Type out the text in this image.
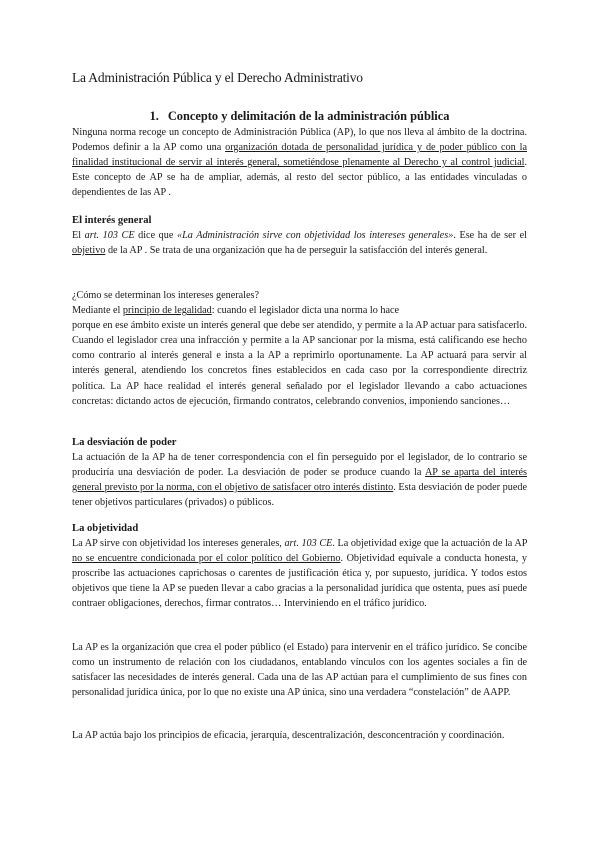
La Administración Pública y el Derecho Administrativo
1. Concepto y delimitación de la administración pública

Ninguna norma recoge un concepto de Administración Pública (AP), lo que nos lleva al ámbito de la doctrina. Podemos definir a la AP como una organización dotada de personalidad jurídica y de poder público con la finalidad institucional de servir al interés general, sometiéndose plenamente al Derecho y al control judicial. Este concepto de AP se ha de ampliar, además, al resto del sector público, a las entidades vinculadas o dependientes de las AP .

El interés general

El art. 103 CE dice que «La Administración sirve con objetividad los intereses generales». Ese ha de ser el objetivo de la AP . Se trata de una organización que ha de perseguir la satisfacción del interés general.

¿Cómo se determinan los intereses generales?

Mediante el principio de legalidad: cuando el legislador dicta una norma lo hace

porque en ese ámbito existe un interés general que debe ser atendido, y permite a la AP actuar para satisfacerlo. Cuando el legislador crea una infracción y permite a la AP sancionar por la misma, está calificando ese hecho como contrario al interés general e insta a la AP a reprimirlo oportunamente. La AP actuará para servir al interés general, atendiendo los concretos fines establecidos en cada caso por la correspondiente directriz política. La AP hace realidad el interés general señalado por el legislador llevando a cabo actuaciones concretas: dictando actos de ejecución, firmando contratos, celebrando convenios, imponiendo sanciones…

La desviación de poder

La actuación de la AP ha de tener correspondencia con el fin perseguido por el legislador, de lo contrario se produciría una desviación de poder. La desviación de poder se produce cuando la AP se aparta del interés general previsto por la norma, con el objetivo de satisfacer otro interés distinto. Esta desviación de poder puede tener objetivos particulares (privados) o públicos.

La objetividad

La AP sirve con objetividad los intereses generales, art. 103 CE. La objetividad exige que la actuación de la AP no se encuentre condicionada por el color político del Gobierno. Objetividad equivale a conducta honesta, y proscribe las actuaciones caprichosas o carentes de justificación ética y, por supuesto, jurídica. Y todos estos objetivos que tiene la AP se pueden llevar a cabo gracias a la personalidad jurídica que ostenta, pues así puede contraer obligaciones, derechos, firmar contratos… Interviniendo en el tráfico jurídico.

La AP es la organización que crea el poder público (el Estado) para intervenir en el tráfico jurídico. Se concibe como un instrumento de relación con los ciudadanos, entablando vínculos con los agentes sociales a fin de satisfacer las necesidades de interés general. Cada una de las AP actúan para el cumplimiento de sus fines con personalidad jurídica única, por lo que no existe una AP única, sino una verdadera “constelación” de AAPP.

La AP actúa bajo los principios de eficacia, jerarquía, descentralización, desconcentración y coordinación.
